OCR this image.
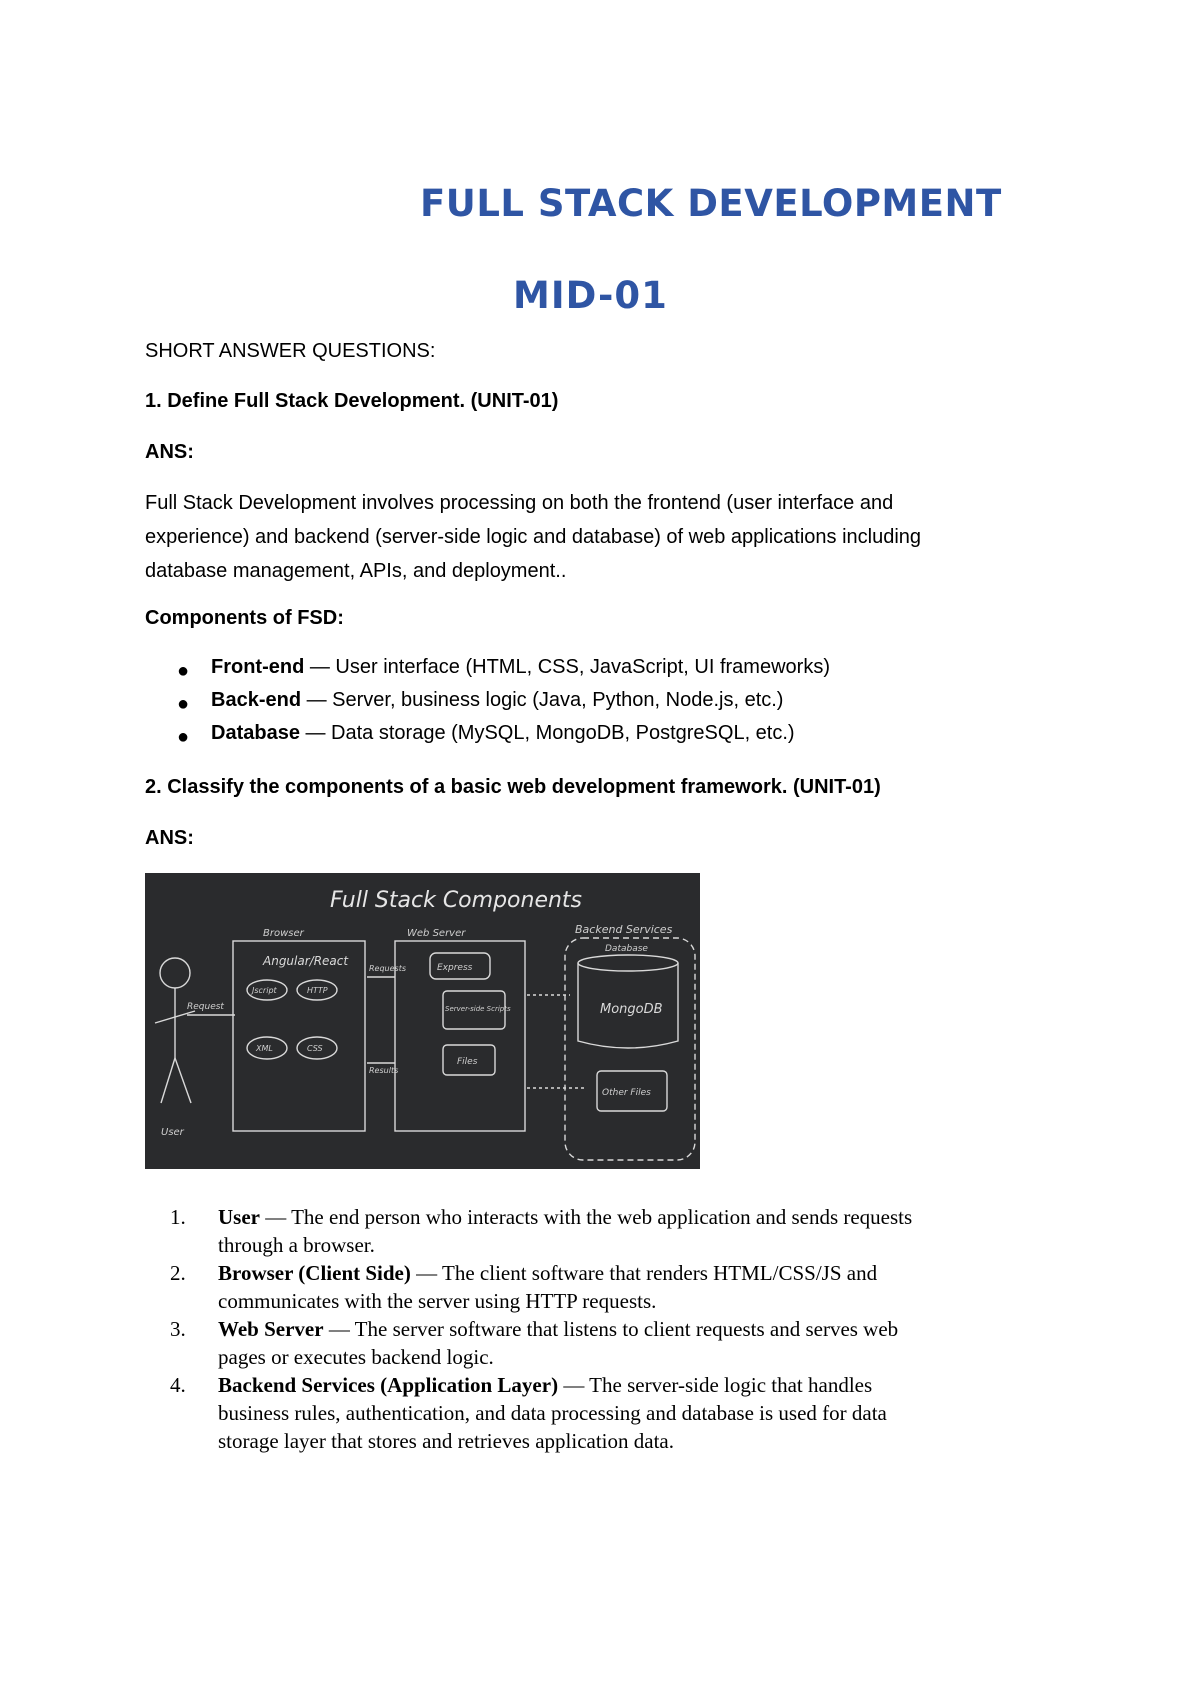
FULL STACK DEVELOPMENT
MID-01
SHORT ANSWER QUESTIONS:
1. Define Full Stack Development. (UNIT-01)
ANS:
Full Stack Development involves processing on both the frontend (user interface and
experience) and backend (server-side logic and database) of web applications including
database management, APIs, and deployment..
Components of FSD:
● Front-end — User interface (HTML, CSS, JavaScript, UI frameworks)
● Back-end — Server, business logic (Java, Python, Node.js, etc.)
● Database — Data storage (MySQL, MongoDB, PostgreSQL, etc.)
2. Classify the components of a basic web development framework. (UNIT-01)
ANS:
Full Stack Components
Browser	Web Server	Backend Services
User
Request
Angular/React
Jscript	HTTP
XML	CSS
Requests
Results
Express
Server-side Scripts
Files
Database
MongoDB
Other Files
1. User — The end person who interacts with the web application and sends requests
through a browser.
2. Browser (Client Side) — The client software that renders HTML/CSS/JS and
communicates with the server using HTTP requests.
3. Web Server — The server software that listens to client requests and serves web
pages or executes backend logic.
4. Backend Services (Application Layer) — The server-side logic that handles
business rules, authentication, and data processing and database is used for data
storage layer that stores and retrieves application data.
